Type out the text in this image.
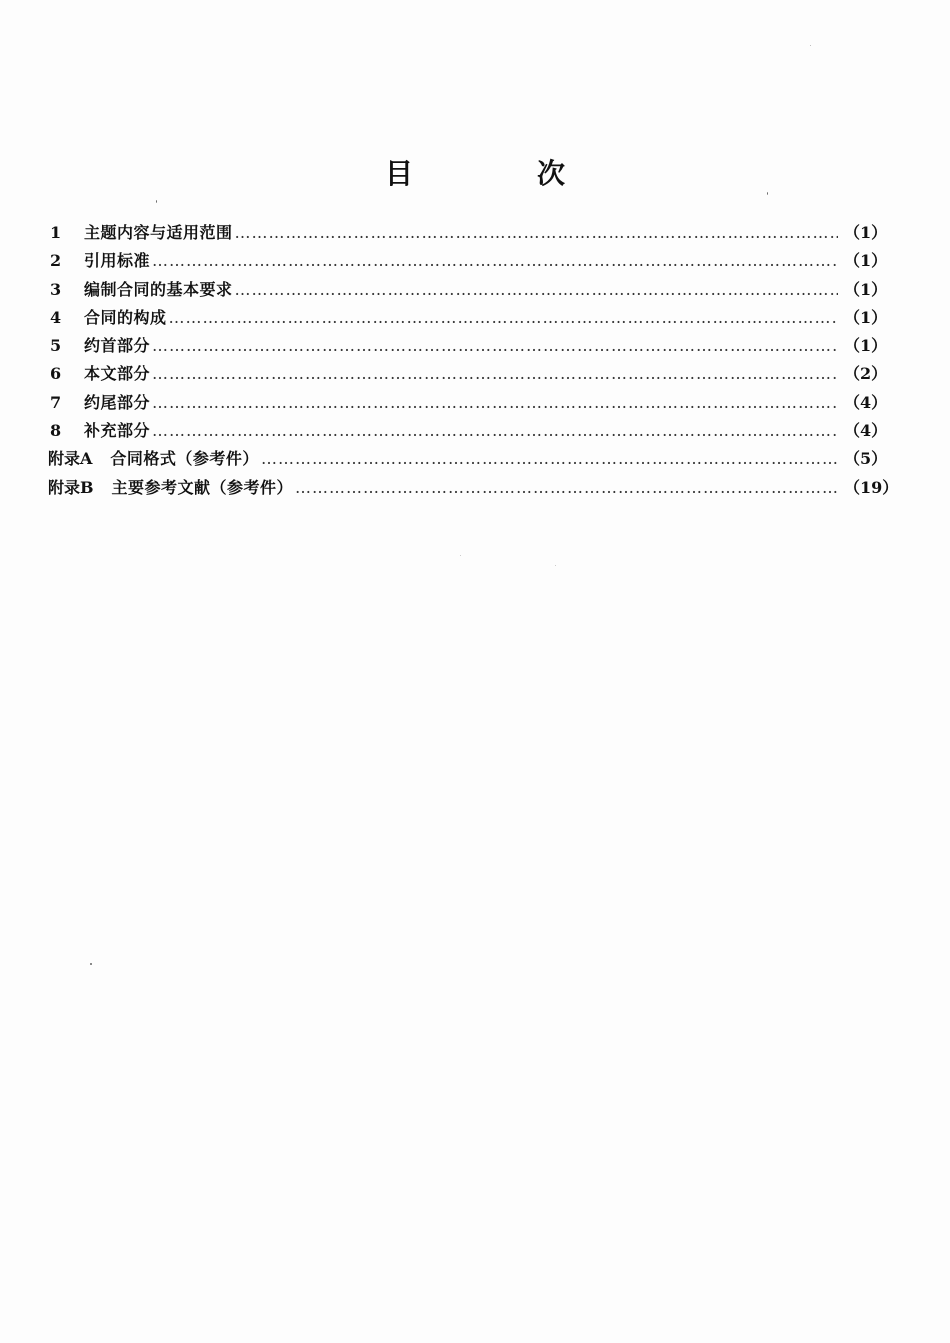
目　次
1	主题内容与适用范围 ……………………………………………………………………………………………………………………………………………………………………………………………………………………………………	（1）
2	引用标准 ……………………………………………………………………………………………………………………………………………………………………………………………………………………………………	（1）
3	编制合同的基本要求 ……………………………………………………………………………………………………………………………………………………………………………………………………………………………………	（1）
4	合同的构成 ……………………………………………………………………………………………………………………………………………………………………………………………………………………………………	（1）
5	约首部分 ……………………………………………………………………………………………………………………………………………………………………………………………………………………………………	（1）
6	本文部分 ……………………………………………………………………………………………………………………………………………………………………………………………………………………………………	（2）
7	约尾部分 ……………………………………………………………………………………………………………………………………………………………………………………………………………………………………	（4）
8	补充部分 ……………………………………………………………………………………………………………………………………………………………………………………………………………………………………	（4）
附录A	合同格式（参考件） ……………………………………………………………………………………………………………………………………………………………………………………………………………………………………	（5）
附录B	主要参考文献（参考件） ……………………………………………………………………………………………………………………………………………………………………………………………………………………………………	（19）
